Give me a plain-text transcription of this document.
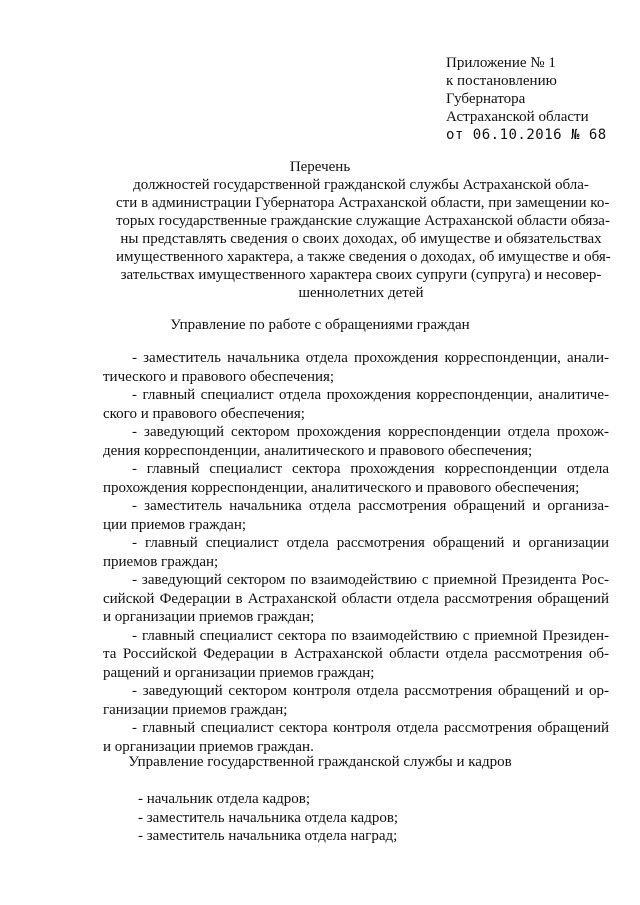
Приложение № 1
к постановлению
Губернатора
Астраханской области
от 06.10.2016 № 68
Перечень
должностей государственной гражданской службы Астраханской обла-
сти в администрации Губернатора Астраханской области, при замещении ко-
торых государственные гражданские служащие Астраханской области обяза-
ны представлять сведения о своих доходах, об имуществе и обязательствах
имущественного характера, а также сведения о доходах, об имуществе и обя-
зательствах имущественного характера своих супруги (супруга) и несовер-
шеннолетних детей
Управление по работе с обращениями граждан
- заместитель начальника отдела прохождения корреспонденции, анали-
тического и правового обеспечения;
- главный специалист отдела прохождения корреспонденции, аналитиче-
ского и правового обеспечения;
- заведующий сектором прохождения корреспонденции отдела прохож-
дения корреспонденции, аналитического и правового обеспечения;
- главный специалист сектора прохождения корреспонденции отдела
прохождения корреспонденции, аналитического и правового обеспечения;
- заместитель начальника отдела рассмотрения обращений и организа-
ции приемов граждан;
- главный специалист отдела рассмотрения обращений и организации
приемов граждан;
- заведующий сектором по взаимодействию с приемной Президента Рос-
сийской Федерации в Астраханской области отдела рассмотрения обращений
и организации приемов граждан;
- главный специалист сектора по взаимодействию с приемной Президен-
та Российской Федерации в Астраханской области отдела рассмотрения об-
ращений и организации приемов граждан;
- заведующий сектором контроля отдела рассмотрения обращений и ор-
ганизации приемов граждан;
- главный специалист сектора контроля отдела рассмотрения обращений
и организации приемов граждан.
Управление государственной гражданской службы и кадров
- начальник отдела кадров;
- заместитель начальника отдела кадров;
- заместитель начальника отдела наград;
